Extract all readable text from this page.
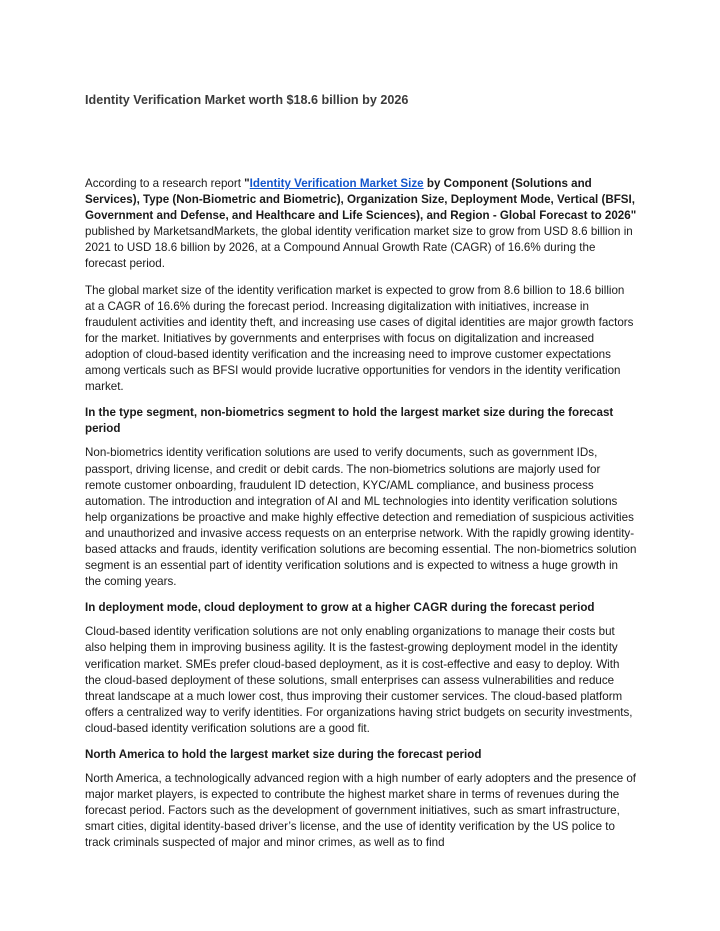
Identity Verification Market worth $18.6 billion by 2026

According to a research report "Identity Verification Market Size by Component (Solutions and Services), Type (Non-Biometric and Biometric), Organization Size, Deployment Mode, Vertical (BFSI, Government and Defense, and Healthcare and Life Sciences), and Region - Global Forecast to 2026" published by MarketsandMarkets, the global identity verification market size to grow from USD 8.6 billion in 2021 to USD 18.6 billion by 2026, at a Compound Annual Growth Rate (CAGR) of 16.6% during the forecast period.

The global market size of the identity verification market is expected to grow from 8.6 billion to 18.6 billion at a CAGR of 16.6% during the forecast period. Increasing digitalization with initiatives, increase in fraudulent activities and identity theft, and increasing use cases of digital identities are major growth factors for the market. Initiatives by governments and enterprises with focus on digitalization and increased adoption of cloud-based identity verification and the increasing need to improve customer expectations among verticals such as BFSI would provide lucrative opportunities for vendors in the identity verification market.

In the type segment, non-biometrics segment to hold the largest market size during the forecast period

Non-biometrics identity verification solutions are used to verify documents, such as government IDs, passport, driving license, and credit or debit cards. The non-biometrics solutions are majorly used for remote customer onboarding, fraudulent ID detection, KYC/AML compliance, and business process automation. The introduction and integration of AI and ML technologies into identity verification solutions help organizations be proactive and make highly effective detection and remediation of suspicious activities and unauthorized and invasive access requests on an enterprise network. With the rapidly growing identity-based attacks and frauds, identity verification solutions are becoming essential. The non-biometrics solution segment is an essential part of identity verification solutions and is expected to witness a huge growth in the coming years.

In deployment mode, cloud deployment to grow at a higher CAGR during the forecast period

Cloud-based identity verification solutions are not only enabling organizations to manage their costs but also helping them in improving business agility. It is the fastest-growing deployment model in the identity verification market. SMEs prefer cloud-based deployment, as it is cost-effective and easy to deploy. With the cloud-based deployment of these solutions, small enterprises can assess vulnerabilities and reduce threat landscape at a much lower cost, thus improving their customer services. The cloud-based platform offers a centralized way to verify identities. For organizations having strict budgets on security investments, cloud-based identity verification solutions are a good fit.

North America to hold the largest market size during the forecast period

North America, a technologically advanced region with a high number of early adopters and the presence of major market players, is expected to contribute the highest market share in terms of revenues during the forecast period. Factors such as the development of government initiatives, such as smart infrastructure, smart cities, digital identity-based driver’s license, and the use of identity verification by the US police to track criminals suspected of major and minor crimes, as well as to find
